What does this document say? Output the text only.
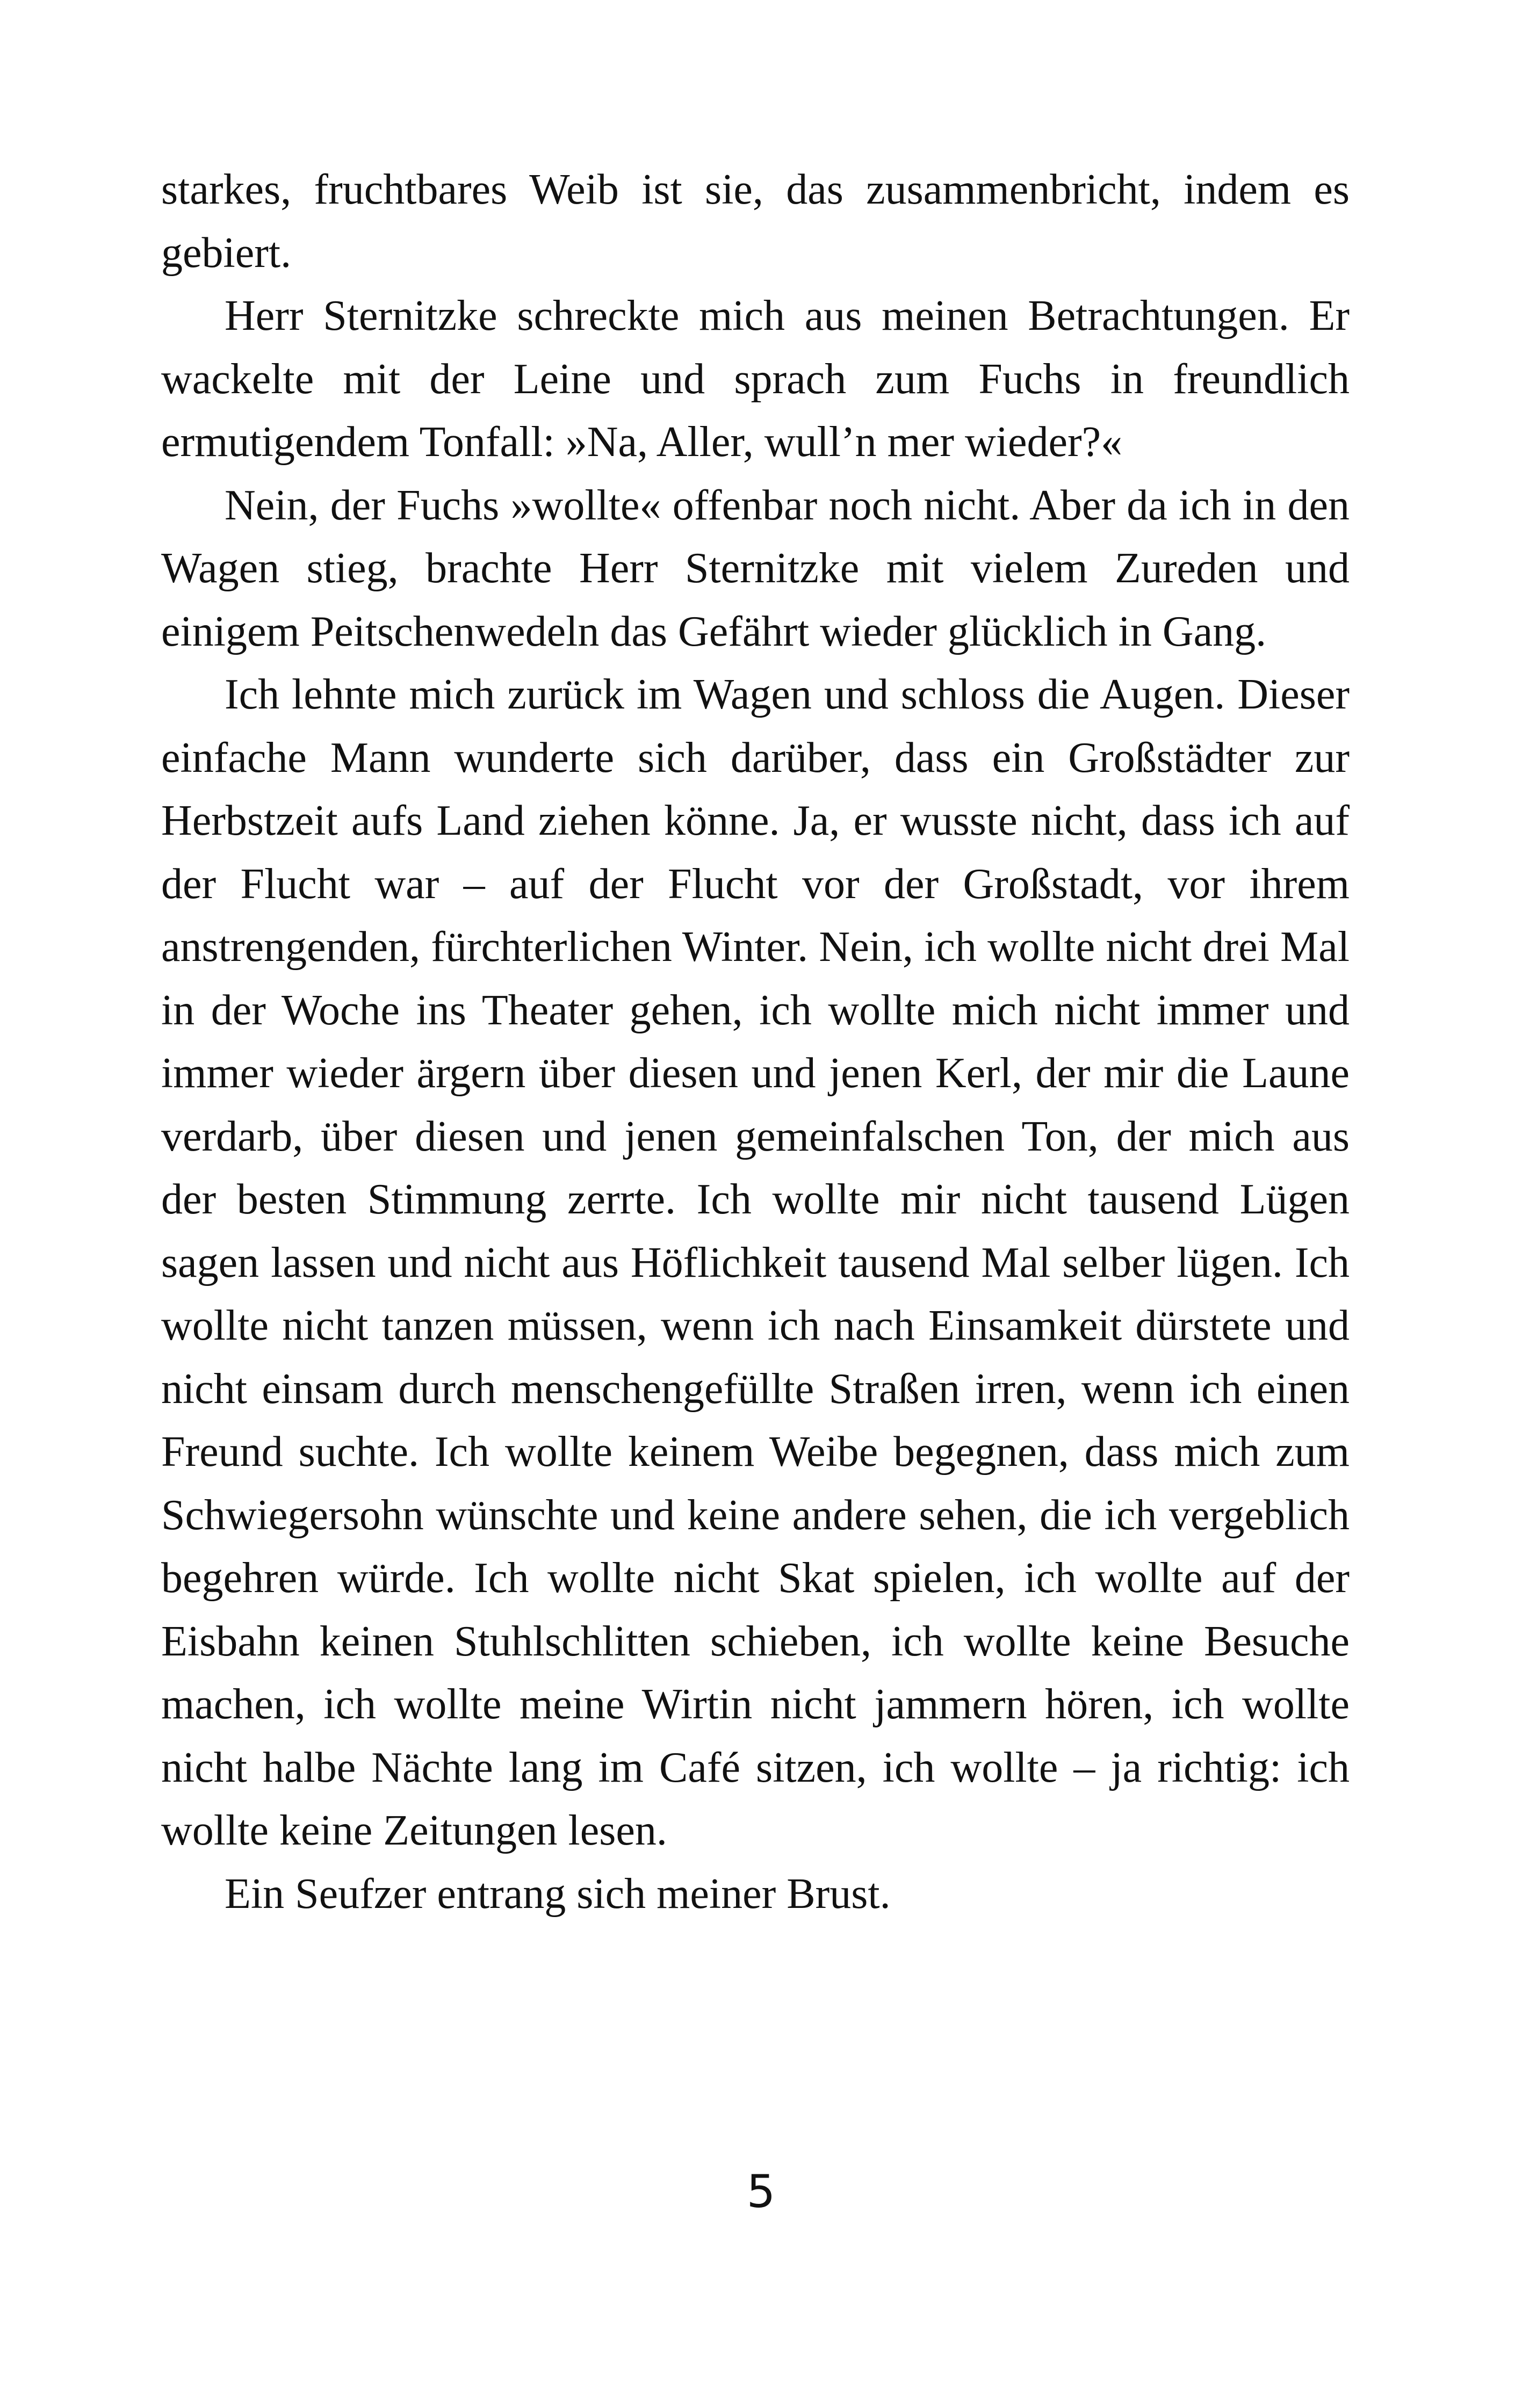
starkes, fruchtbares Weib ist sie, das zusammenbricht, indem es gebiert.

Herr Sternitzke schreckte mich aus meinen Betrachtungen. Er wackelte mit der Leine und sprach zum Fuchs in freundlich ermutigendem Tonfall: »Na, Aller, wull’n mer wieder?«

Nein, der Fuchs »wollte« offenbar noch nicht. Aber da ich in den Wagen stieg, brachte Herr Sternitzke mit vielem Zureden und einigem Peitschenwedeln das Gefährt wieder glücklich in Gang.

Ich lehnte mich zurück im Wagen und schloss die Augen. Dieser einfache Mann wunderte sich darüber, dass ein Großstädter zur Herbstzeit aufs Land ziehen könne. Ja, er wusste nicht, dass ich auf der Flucht war – auf der Flucht vor der Großstadt, vor ihrem anstrengenden, fürchterlichen Winter. Nein, ich wollte nicht drei Mal in der Woche ins Theater gehen, ich wollte mich nicht immer und immer wieder ärgern über diesen und jenen Kerl, der mir die Laune verdarb, über diesen und jenen gemeinfalschen Ton, der mich aus der besten Stimmung zerrte. Ich wollte mir nicht tausend Lügen sagen lassen und nicht aus Höflichkeit tausend Mal selber lügen. Ich wollte nicht tanzen müssen, wenn ich nach Einsamkeit dürstete und nicht einsam durch menschengefüllte Straßen irren, wenn ich einen Freund suchte. Ich wollte keinem Weibe begegnen, dass mich zum Schwiegersohn wünschte und keine andere sehen, die ich vergeblich begehren würde. Ich wollte nicht Skat spielen, ich wollte auf der Eisbahn keinen Stuhlschlitten schieben, ich wollte keine Besuche machen, ich wollte meine Wirtin nicht jammern hören, ich wollte nicht halbe Nächte lang im Café sitzen, ich wollte – ja richtig: ich wollte keine Zeitungen lesen.

Ein Seufzer entrang sich meiner Brust.

5
